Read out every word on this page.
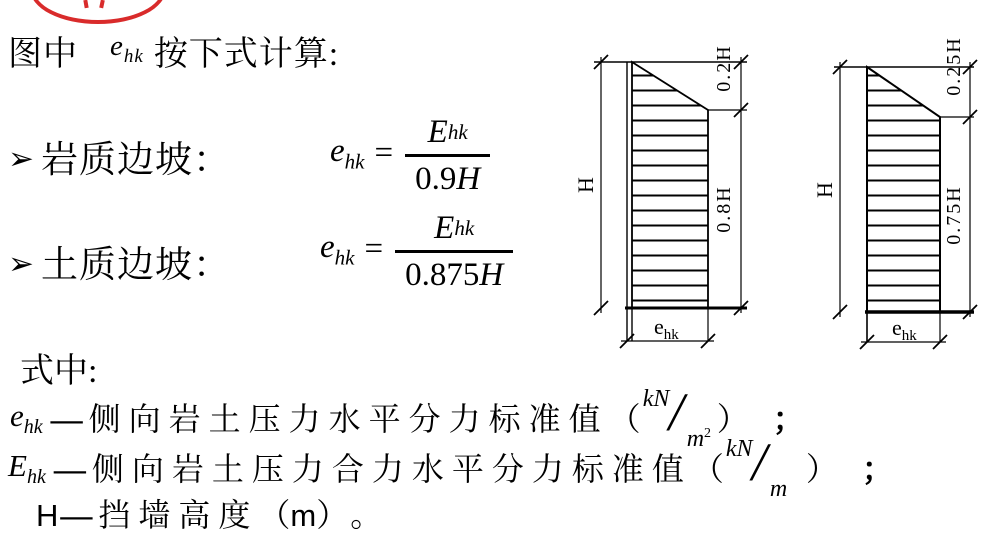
图中 $e_{hk}$ 按下式计算:
➢ 岩质边坡：	$e_{hk} = \frac{\text{E hk}}{0.9 H}$
➢ 土质边坡：	$e_{hk} = \frac{\text{E hk}}{0.875 H}$
式中:
$e_{hk}$ — 侧向岩土压力水平分力标准值 （
kN / $m^2$ ） ；
$E_{hk}$ — 侧向岩土压力合力水平分力标准值 （
kN / m
） ；
H — 挡墙高度 （ m ） 。
H
0.2H
0.8H
$e_{hk}$
H
0.25H
0.75H
$e_{hk}$
